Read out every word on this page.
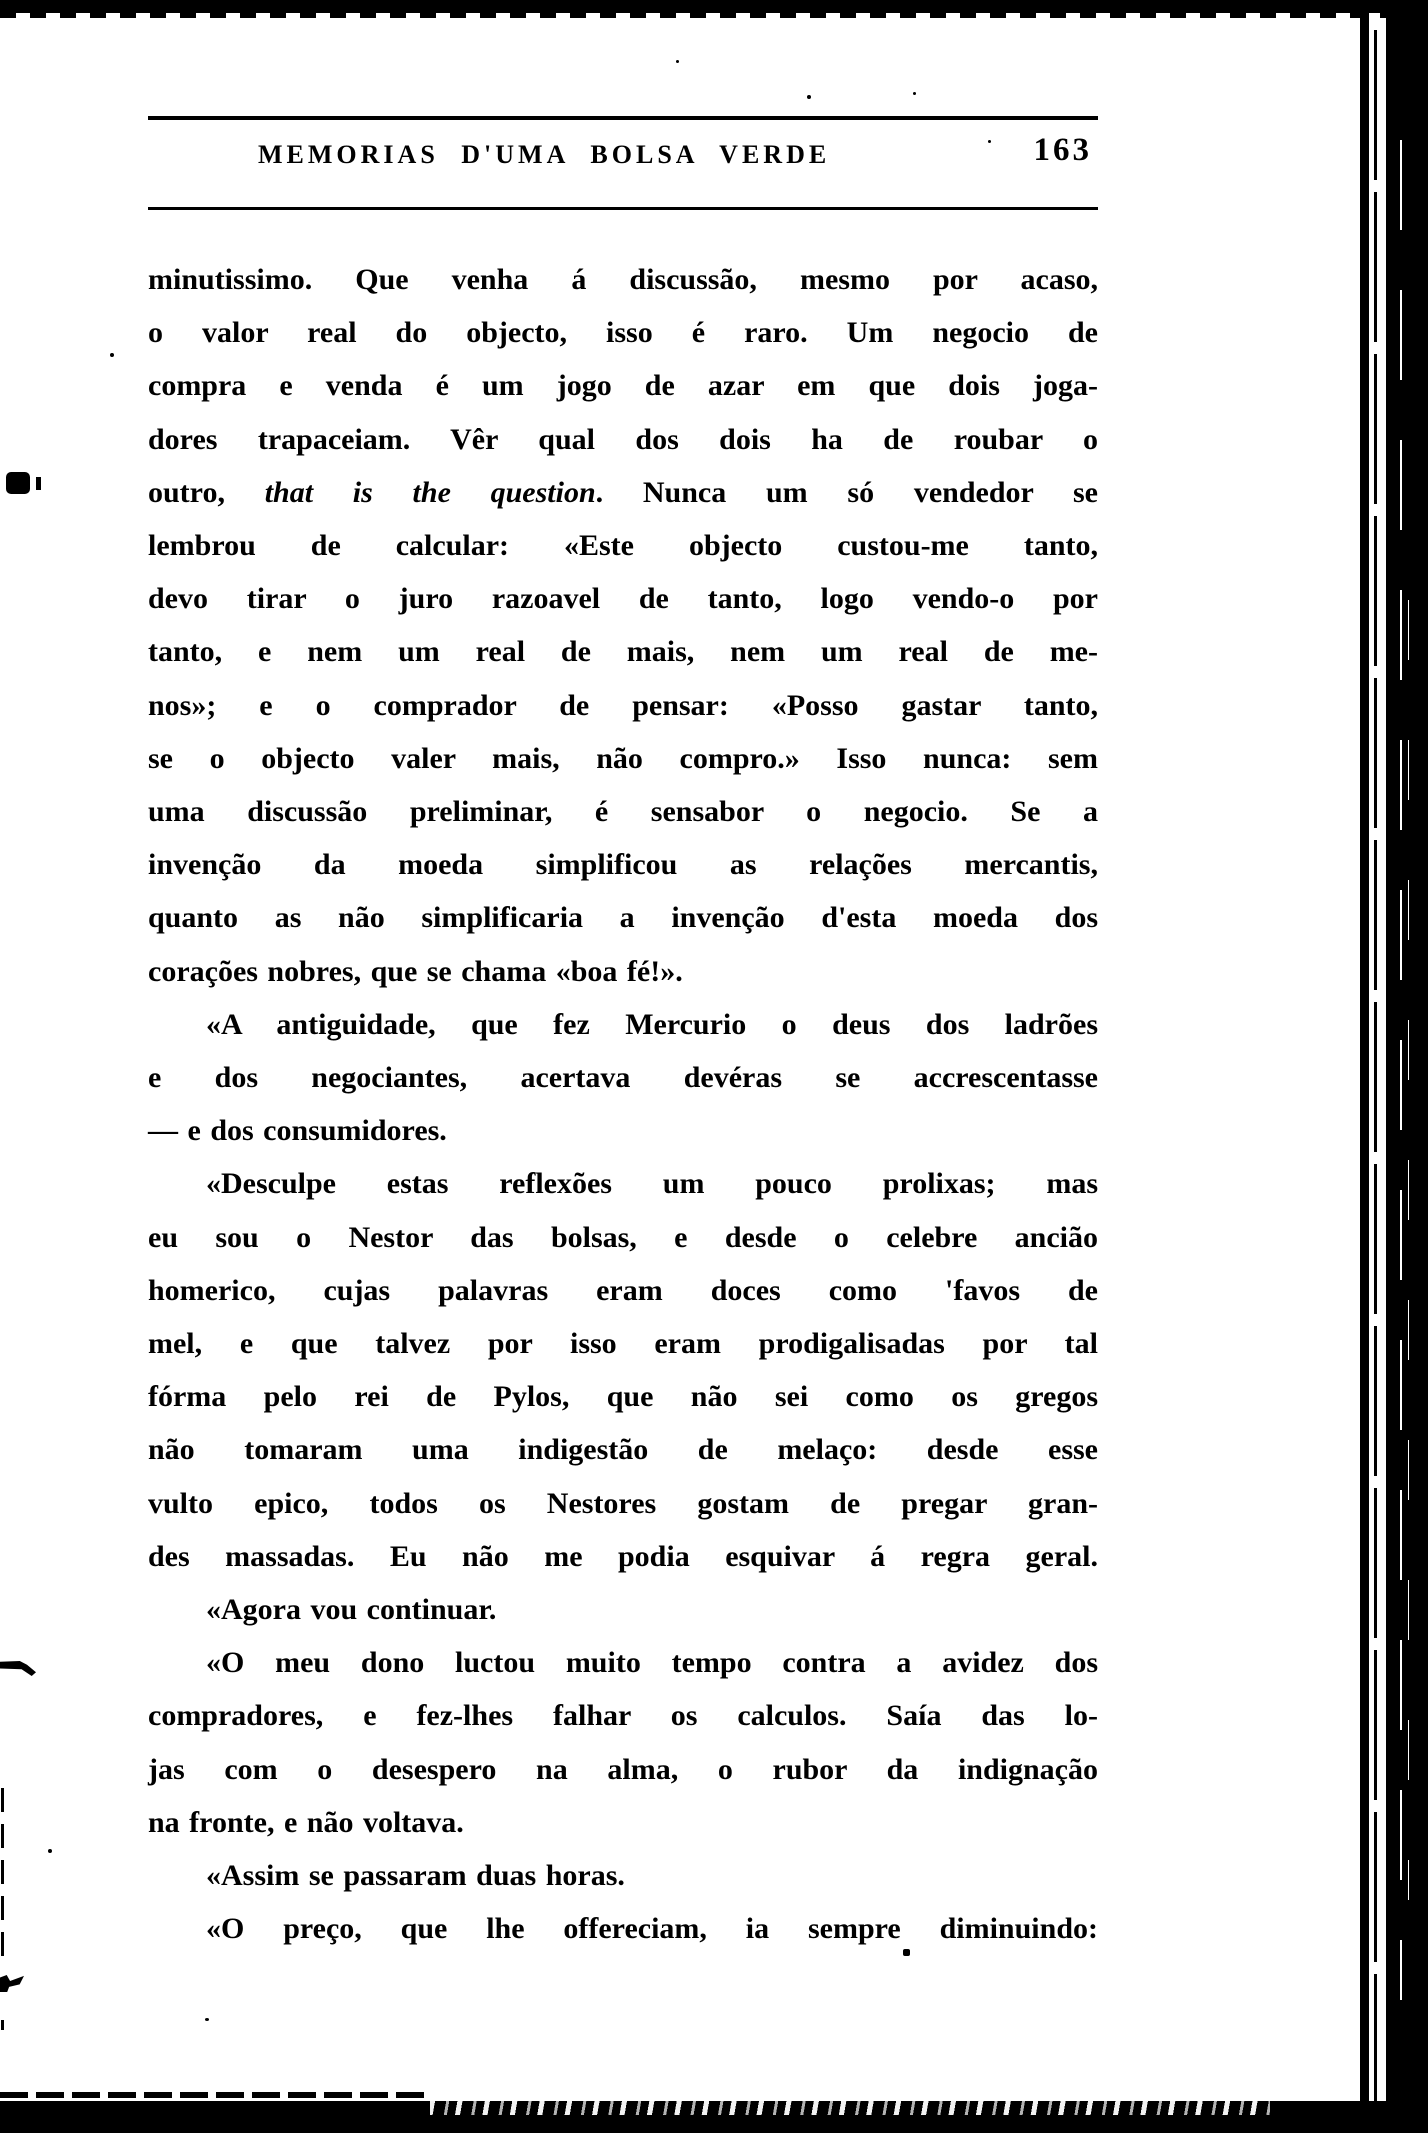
MEMORIAS D'UMA BOLSA VERDE	163
minutissimo. Que venha á discussão, mesmo por acaso,
o valor real do objecto, isso é raro. Um negocio de
compra e venda é um jogo de azar em que dois joga-
dores trapaceiam. Vêr qual dos dois ha de roubar o
outro, that is the question. Nunca um só vendedor se
lembrou de calcular: «Este objecto custou-me tanto,
devo tirar o juro razoavel de tanto, logo vendo-o por
tanto, e nem um real de mais, nem um real de me-
nos»; e o comprador de pensar: «Posso gastar tanto,
se o objecto valer mais, não compro.» Isso nunca: sem
uma discussão preliminar, é sensabor o negocio. Se a
invenção da moeda simplificou as relações mercantis,
quanto as não simplificaria a invenção d'esta moeda dos
corações nobres, que se chama «boa fé!».
«A antiguidade, que fez Mercurio o deus dos ladrões
e dos negociantes, acertava devéras se accrescentasse
— e dos consumidores.
«Desculpe estas reflexões um pouco prolixas; mas
eu sou o Nestor das bolsas, e desde o celebre ancião
homerico, cujas palavras eram doces como 'favos de
mel, e que talvez por isso eram prodigalisadas por tal
fórma pelo rei de Pylos, que não sei como os gregos
não tomaram uma indigestão de melaço: desde esse
vulto epico, todos os Nestores gostam de pregar gran-
des massadas. Eu não me podia esquivar á regra geral.
«Agora vou continuar.
«O meu dono luctou muito tempo contra a avidez dos
compradores, e fez-lhes falhar os calculos. Saía das lo-
jas com o desespero na alma, o rubor da indignação
na fronte, e não voltava.
«Assim se passaram duas horas.
«O preço, que lhe offereciam, ia sempre diminuindo:
